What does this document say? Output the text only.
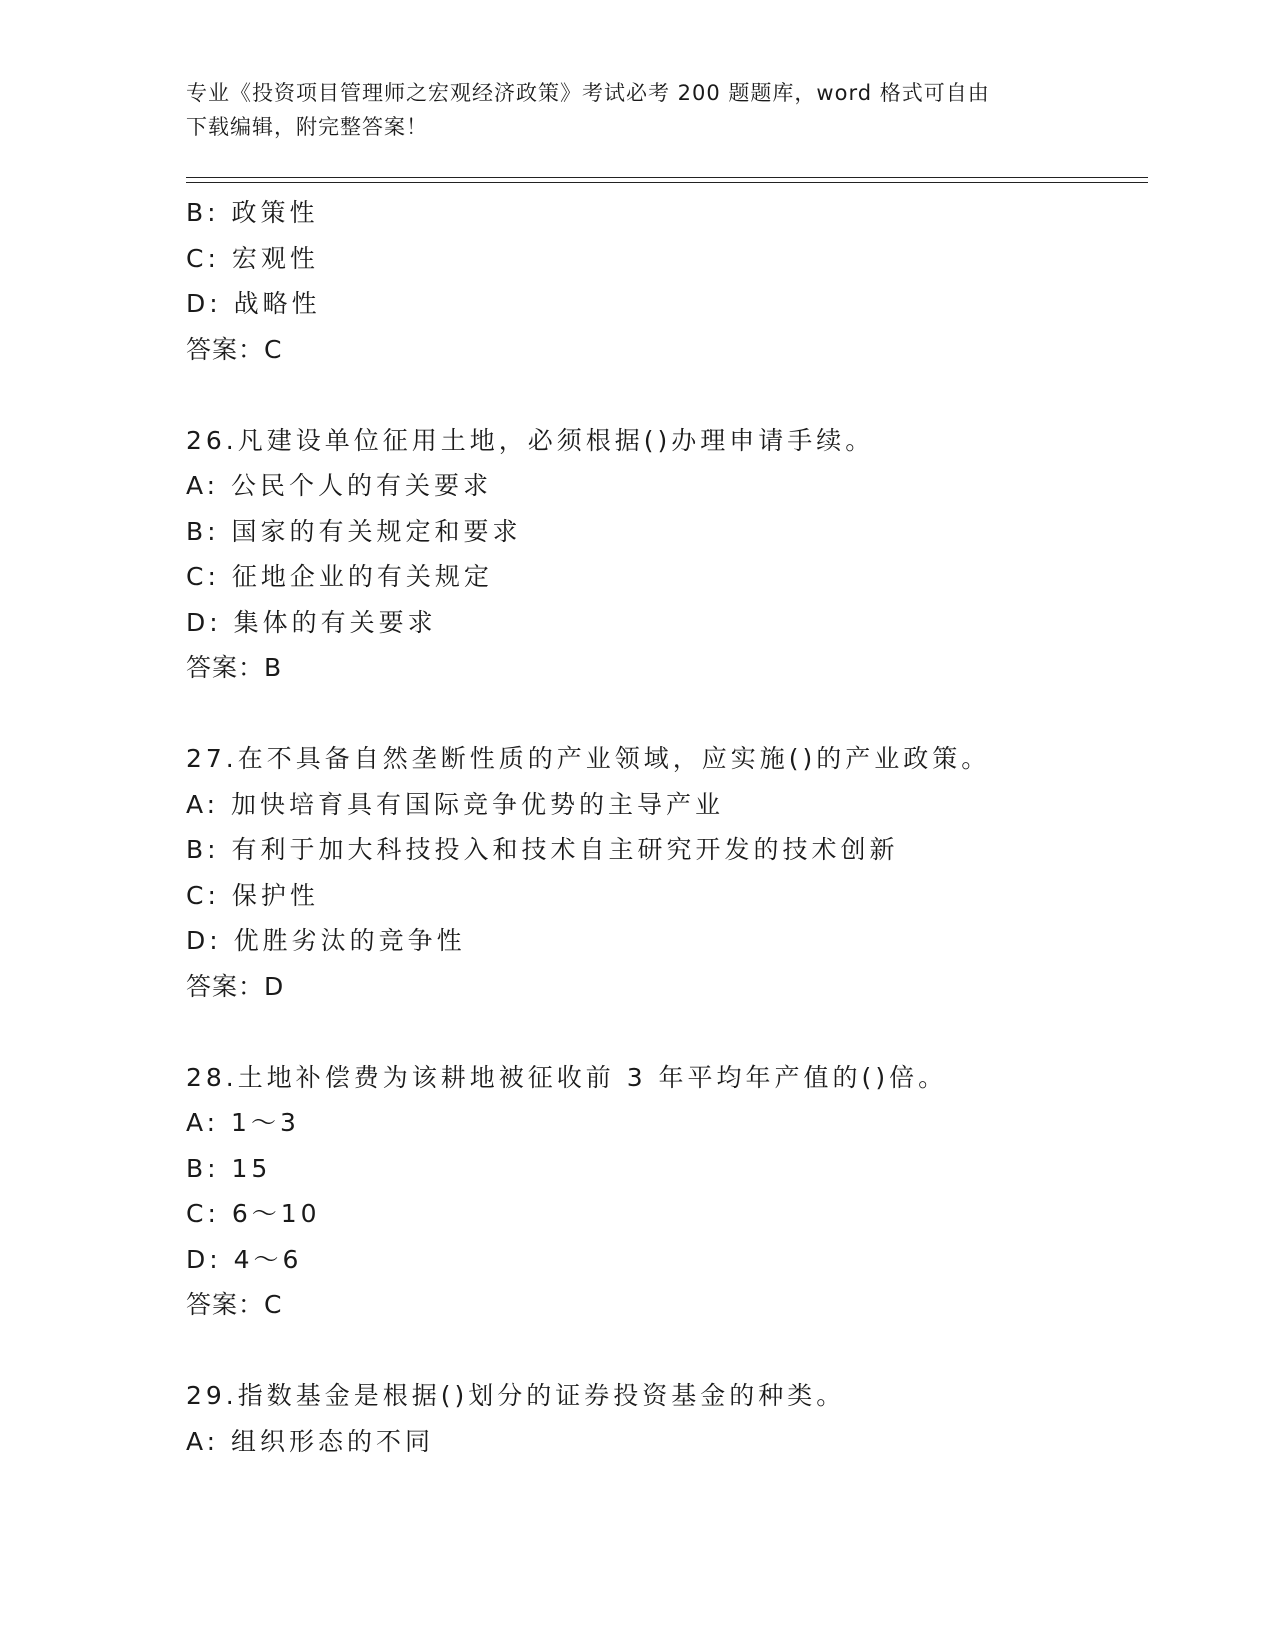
专业《投资项目管理师之宏观经济政策》考试必考 200 题题库，word 格式可自由
下载编辑，附完整答案！
B: 政策性
C: 宏观性
D: 战略性
答案：C
26.凡建设单位征用土地，必须根据()办理申请手续。
A: 公民个人的有关要求
B: 国家的有关规定和要求
C: 征地企业的有关规定
D: 集体的有关要求
答案：B
27.在不具备自然垄断性质的产业领域，应实施()的产业政策。
A: 加快培育具有国际竞争优势的主导产业
B: 有利于加大科技投入和技术自主研究开发的技术创新
C: 保护性
D: 优胜劣汰的竞争性
答案：D
28.土地补偿费为该耕地被征收前 3 年平均年产值的()倍。
A: 1～3
B: 15
C: 6～10
D: 4～6
答案：C
29.指数基金是根据()划分的证券投资基金的种类。
A: 组织形态的不同
